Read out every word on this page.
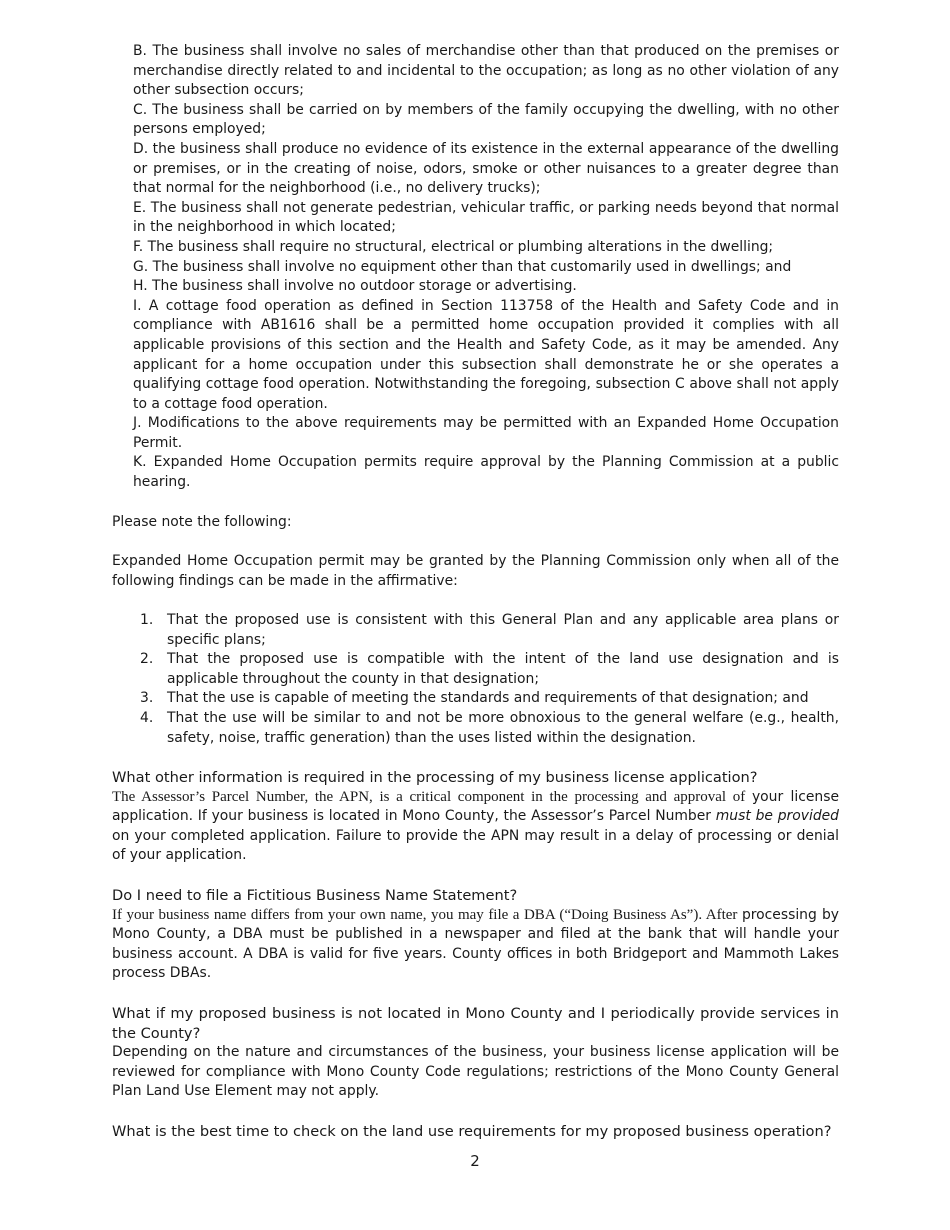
B. The business shall involve no sales of merchandise other than that produced on the premises or merchandise directly related to and incidental to the occupation; as long as no other violation of any other subsection occurs;

C. The business shall be carried on by members of the family occupying the dwelling, with no other persons employed;

D. the business shall produce no evidence of its existence in the external appearance of the dwelling or premises, or in the creating of noise, odors, smoke or other nuisances to a greater degree than that normal for the neighborhood (i.e., no delivery trucks);

E. The business shall not generate pedestrian, vehicular traffic, or parking needs beyond that normal in the neighborhood in which located;

F. The business shall require no structural, electrical or plumbing alterations in the dwelling;

G. The business shall involve no equipment other than that customarily used in dwellings; and

H. The business shall involve no outdoor storage or advertising.

I. A cottage food operation as defined in Section 113758 of the Health and Safety Code and in compliance with AB1616 shall be a permitted home occupation provided it complies with all applicable provisions of this section and the Health and Safety Code, as it may be amended. Any applicant for a home occupation under this subsection shall demonstrate he or she operates a qualifying cottage food operation. Notwithstanding the foregoing, subsection C above shall not apply to a cottage food operation.

J. Modifications to the above requirements may be permitted with an Expanded Home Occupation Permit.

K. Expanded Home Occupation permits require approval by the Planning Commission at a public hearing.

Please note the following:

Expanded Home Occupation permit may be granted by the Planning Commission only when all of the following findings can be made in the affirmative:

1. That the proposed use is consistent with this General Plan and any applicable area plans or specific plans;
2. That the proposed use is compatible with the intent of the land use designation and is applicable throughout the county in that designation;
3. That the use is capable of meeting the standards and requirements of that designation; and
4. That the use will be similar to and not be more obnoxious to the general welfare (e.g., health, safety, noise, traffic generation) than the uses listed within the designation.

What other information is required in the processing of my business license application?

The Assessor’s Parcel Number, the APN, is a critical component in the processing and approval of your license application. If your business is located in Mono County, the Assessor’s Parcel Number must be provided on your completed application. Failure to provide the APN may result in a delay of processing or denial of your application.

Do I need to file a Fictitious Business Name Statement?

If your business name differs from your own name, you may file a DBA (“Doing Business As”). After processing by Mono County, a DBA must be published in a newspaper and filed at the bank that will handle your business account. A DBA is valid for five years. County offices in both Bridgeport and Mammoth Lakes process DBAs.

What if my proposed business is not located in Mono County and I periodically provide services in the County?

Depending on the nature and circumstances of the business, your business license application will be reviewed for compliance with Mono County Code regulations; restrictions of the Mono County General Plan Land Use Element may not apply.

What is the best time to check on the land use requirements for my proposed business operation?

2
